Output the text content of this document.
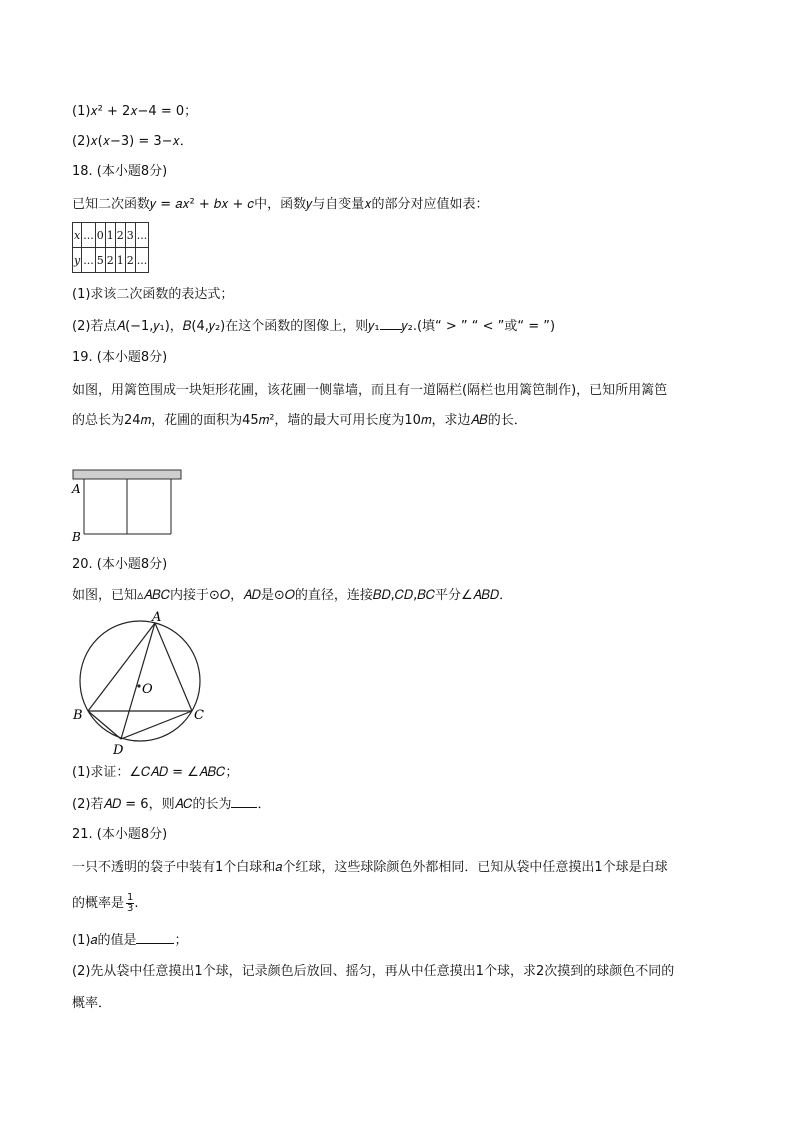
(1)𝑥² + 2𝑥−4 = 0；
(2)𝑥(𝑥−3) = 3−𝑥．
18. (本小题8分)
已知二次函数𝑦 = 𝑎𝑥² + 𝑏𝑥 + 𝑐中，函数𝑦与自变量𝑥的部分对应值如表：
x	...	0	1	2	3	...
y	...	5	2	1	2	...
(1)求该二次函数的表达式；
(2)若点𝐴(−1,𝑦₁)，𝐵(4,𝑦₂)在这个函数的图像上，则𝑦₁ 𝑦₂.(填“ > ” “ < ”或“ = ”)
19. (本小题8分)
如图，用篱笆围成一块矩形花圃，该花圃一侧靠墙，而且有一道隔栏(隔栏也用篱笆制作)，已知所用篱笆
的总长为24𝑚，花圃的面积为45𝑚²，墙的最大可用长度为10𝑚，求边𝐴𝐵的长．
A
B
A
O
B	C
D
20. (本小题8分)
如图，已知▵𝐴𝐵𝐶内接于⊙𝑂，𝐴𝐷是⊙𝑂的直径，连接𝐵𝐷,𝐶𝐷,𝐵𝐶平分∠𝐴𝐵𝐷．
(1)求证：∠𝐶𝐴𝐷 = ∠𝐴𝐵𝐶；
(2)若𝐴𝐷 = 6，则𝐴𝐶的长为 ．
21. (本小题8分)
一只不透明的袋子中装有1个白球和𝑎个红球，这些球除颜色外都相同．已知从袋中任意摸出1个球是白球
的概率是 $\frac{1}{3}$ .
(1)𝑎的值是	；
(2)先从袋中任意摸出1个球，记录颜色后放回、摇匀，再从中任意摸出1个球，求2次摸到的球颜色不同的
概率．
